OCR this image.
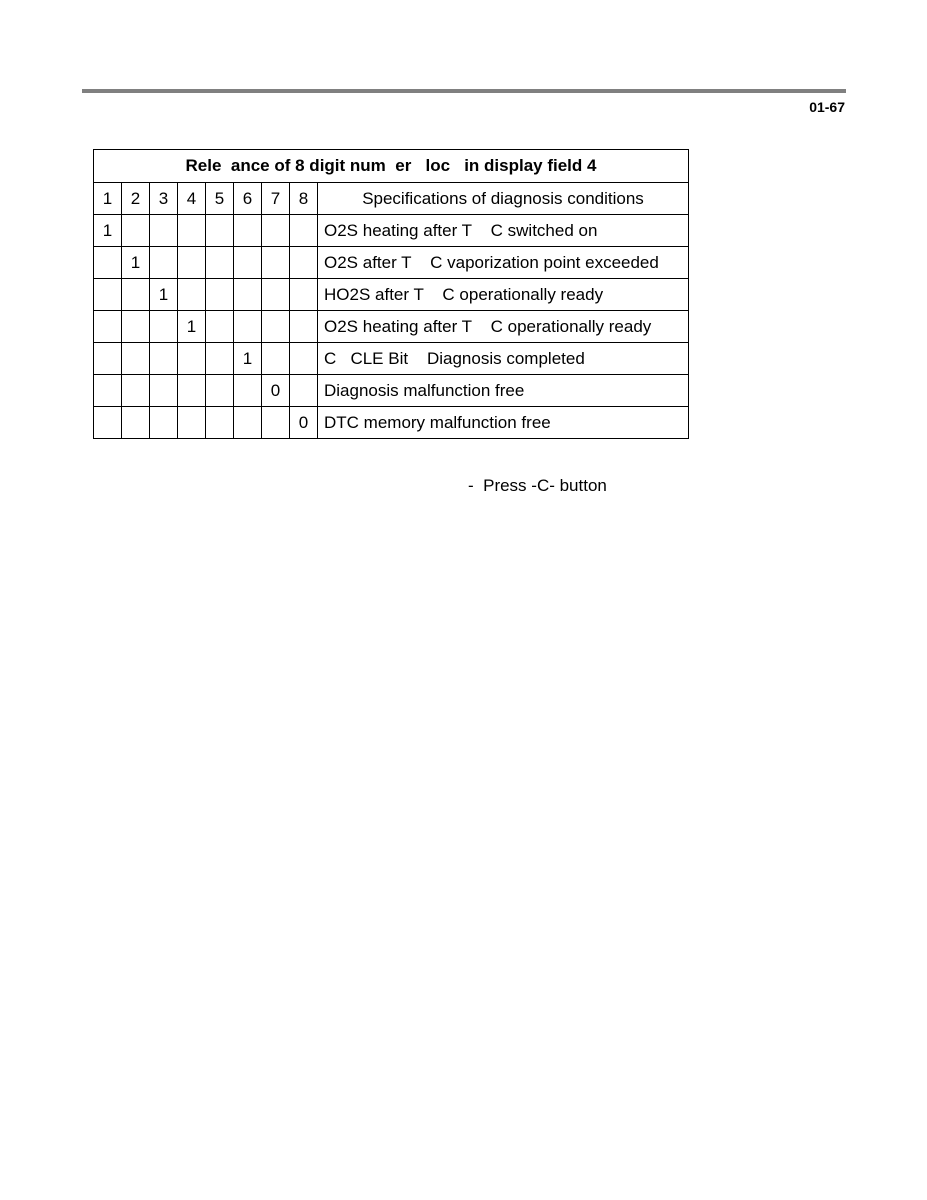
01-67
Rele  ance of 8 digit num  er   loc   in display field 4								
1	2	3	4	5	6	7	8	Specifications of diagnosis conditions
1								O2S heating after T    C switched on
	1							O2S after T    C vaporization point exceeded
		1						HO2S after T    C operationally ready
			1					O2S heating after T    C operationally ready
					1			C   CLE Bit    Diagnosis completed
						0		Diagnosis malfunction free
							0	DTC memory malfunction free
-  Press -C- button
